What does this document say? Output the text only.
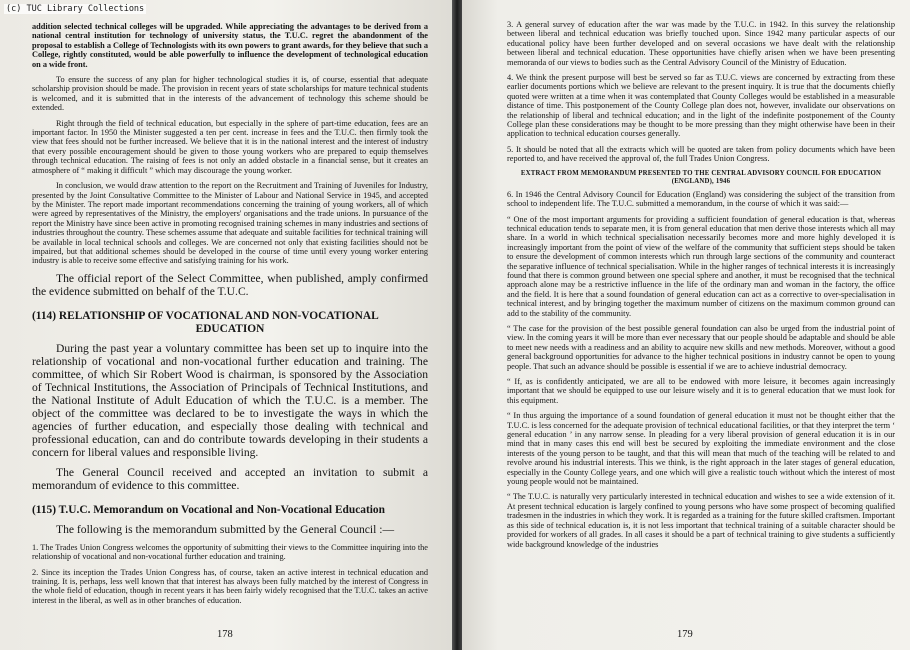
(c) TUC Library Collections

addition selected technical colleges will be upgraded. While appreciating the advantages to be derived from a national central institution for technology of university status, the T.U.C. regret the abandonment of the proposal to establish a College of Technologists with its own powers to grant awards, for they believe that such a College, rightly constituted, would be able powerfully to influence the development of technological education on a wide front.

To ensure the success of any plan for higher technological studies it is, of course, essential that adequate scholarship provision should be made. The provision in recent years of state scholarships for mature technical students is welcomed, and it is submitted that in the interests of the advancement of technology this scheme should be extended.

Right through the field of technical education, but especially in the sphere of part-time education, fees are an important factor. In 1950 the Minister suggested a ten per cent. increase in fees and the T.U.C. then firmly took the view that fees should not be further increased. We believe that it is in the national interest and the interest of industry that every possible encouragement should be given to those young workers who are prepared to equip themselves through technical education. The raising of fees is not only an added obstacle in a financial sense, but it creates an atmosphere of “ making it difficult ” which may discourage the young worker.

In conclusion, we would draw attention to the report on the Recruitment and Training of Juveniles for Industry, presented by the Joint Consultative Committee to the Minister of Labour and National Service in 1945, and accepted by the Minister. The report made important recommendations concerning the training of young workers, all of which were agreed by representatives of the Ministry, the employers' organisations and the trade unions. In pursuance of the report the Ministry have since been active in promoting recognised training schemes in many industries and sections of industries throughout the country. These schemes assume that adequate and suitable facilities for technical training will be available in local technical schools and colleges. We are concerned not only that existing facilities should not be impaired, but that additional schemes should be developed in the course of time until every young worker entering industry is able to receive some effective and satisfying training for his work.

The official report of the Select Committee, when published, amply confirmed the evidence submitted on behalf of the T.U.C.

(114) RELATIONSHIP OF VOCATIONAL AND NON-VOCATIONAL
EDUCATION

During the past year a voluntary committee has been set up to inquire into the relationship of vocational and non-vocational further education and training. The committee, of which Sir Robert Wood is chairman, is sponsored by the Association of Technical Institutions, the Association of Principals of Technical Institutions, and the National Institute of Adult Education of which the T.U.C. is a member. The object of the committee was declared to be to investigate the ways in which the agencies of further education, and especially those dealing with technical and professional education, can and do contribute towards developing in their students a concern for liberal values and responsible living.

The General Council received and accepted an invitation to submit a memorandum of evidence to this committee.

(115) T.U.C. Memorandum on Vocational and Non-Vocational Education

The following is the memorandum submitted by the General Council :—

1. The Trades Union Congress welcomes the opportunity of submitting their views to the Committee inquiring into the relationship of vocational and non-vocational further education and training.

2. Since its inception the Trades Union Congress has, of course, taken an active interest in technical education and training. It is, perhaps, less well known that that interest has always been fully matched by the interest of Congress in the whole field of education, though in recent years it has been fairly widely recognised that the T.U.C. takes an active interest in the liberal, as well as in other branches of education.

178

3. A general survey of education after the war was made by the T.U.C. in 1942. In this survey the relationship between liberal and technical education was briefly touched upon. Since 1942 many particular aspects of our educational policy have been further developed and on several occasions we have dealt with the relationship between liberal and technical education. These opportunities have chiefly arisen when we have been presenting memoranda of our views to bodies such as the Central Advisory Council of the Ministry of Education.

4. We think the present purpose will best be served so far as T.U.C. views are concerned by extracting from these earlier documents portions which we believe are relevant to the present inquiry. It is true that the documents chiefly quoted were written at a time when it was contemplated that County Colleges would be established in a measurable distance of time. This postponement of the County College plan does not, however, invalidate our observations on the relationship of liberal and technical education; and in the light of the indefinite postponement of the County College plan these considerations may be thought to be more pressing than they might otherwise have been in their application to technical education courses generally.

5. It should be noted that all the extracts which will be quoted are taken from policy documents which have been reported to, and have received the approval of, the full Trades Union Congress.

EXTRACT FROM MEMORANDUM PRESENTED TO THE CENTRAL ADVISORY COUNCIL FOR EDUCATION (ENGLAND), 1946

6. In 1946 the Central Advisory Council for Education (England) was considering the subject of the transition from school to independent life. The T.U.C. submitted a memorandum, in the course of which it was said:—

“ One of the most important arguments for providing a sufficient foundation of general education is that, whereas technical education tends to separate men, it is from general education that men derive those interests which all may share. In a world in which technical specialisation necessarily becomes more and more highly developed it is increasingly important from the point of view of the welfare of the community that sufficient steps should be taken to ensure the development of common interests which run through large sections of the community and counteract the separative influence of technical specialisation. While in the higher ranges of technical interests it is increasingly found that there is common ground between one special sphere and another, it must be recognised that the technical approach alone may be a restrictive influence in the life of the ordinary man and woman in the factory, the office and the field. It is here that a sound foundation of general education can act as a corrective to over-specialisation in technical interest, and by bringing together the maximum number of citizens on the maximum common ground can add to the stability of the community.

“ The case for the provision of the best possible general foundation can also be urged from the industrial point of view. In the coming years it will be more than ever necessary that our people should be adaptable and should be able to meet new needs with a readiness and an ability to acquire new skills and new methods. Moreover, without a good general background opportunities for advance to the higher technical positions in industry cannot be open to young people. That such an advance should be possible is essential if we are to achieve industrial democracy.

“ If, as is confidently anticipated, we are all to be endowed with more leisure, it becomes again increasingly important that we should be equipped to use our leisure wisely and it is to general education that we must look for this equipment.

“ In thus arguing the importance of a sound foundation of general education it must not be thought either that the T.U.C. is less concerned for the adequate provision of technical educational facilities, or that they interpret the term ‘ general education ’ in any narrow sense. In pleading for a very liberal provision of general education it is in our mind that in many cases this end will best be secured by exploiting the immediate environment and the close interests of the young person to be taught, and that this will mean that much of the teaching will be related to and revolve around his industrial interests. This we think, is the right approach in the later stages of general education, especially in the County College years, and one which will give a realistic touch without which the interest of most young people would not be maintained.

“ The T.U.C. is naturally very particularly interested in technical education and wishes to see a wide extension of it. At present technical education is largely confined to young persons who have some prospect of becoming qualified tradesmen in the industries in which they work. It is regarded as a training for the future skilled craftsmen. Important as this side of technical education is, it is not less important that technical training of a suitable character should be provided for workers of all grades. In all cases it should be a part of technical training to give students a sufficiently wide background knowledge of the industries

179
